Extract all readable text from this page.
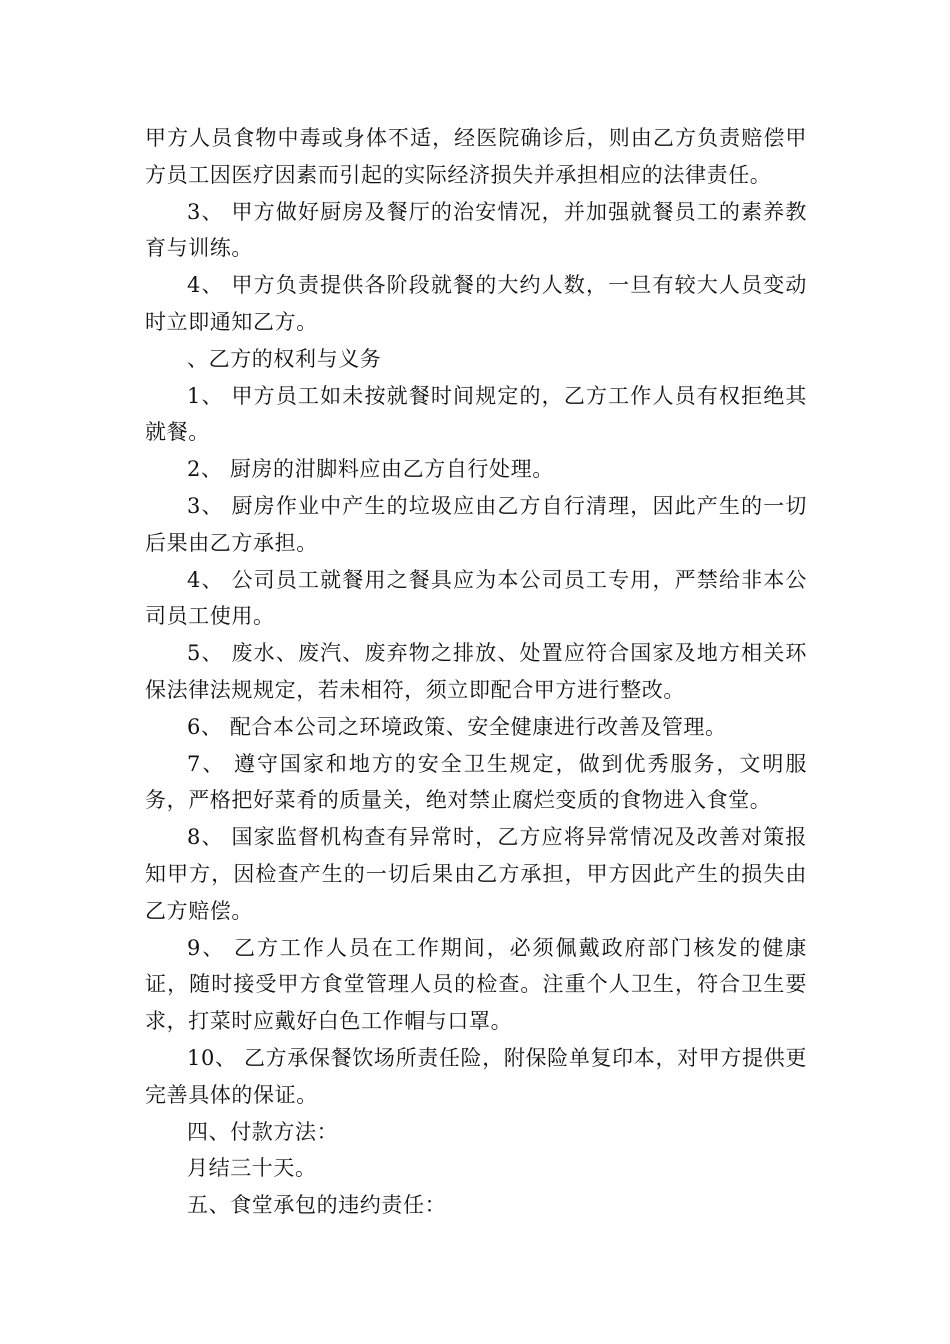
甲方人员食物中毒或身体不适，经医院确诊后，则由乙方负责赔偿甲方员工因医疗因素而引起的实际经济损失并承担相应的法律责任。

3、 甲方做好厨房及餐厅的治安情况，并加强就餐员工的素养教育与训练。

4、 甲方负责提供各阶段就餐的大约人数，一旦有较大人员变动时立即通知乙方。

、乙方的权利与义务

1、 甲方员工如未按就餐时间规定的，乙方工作人员有权拒绝其就餐。

2、 厨房的泔脚料应由乙方自行处理。

3、 厨房作业中产生的垃圾应由乙方自行清理，因此产生的一切后果由乙方承担。

4、 公司员工就餐用之餐具应为本公司员工专用，严禁给非本公司员工使用。

5、 废水、废汽、废弃物之排放、处置应符合国家及地方相关环保法律法规规定，若未相符，须立即配合甲方进行整改。

6、 配合本公司之环境政策、安全健康进行改善及管理。

7、 遵守国家和地方的安全卫生规定，做到优秀服务，文明服务，严格把好菜肴的质量关，绝对禁止腐烂变质的食物进入食堂。

8、 国家监督机构查有异常时，乙方应将异常情况及改善对策报知甲方，因检查产生的一切后果由乙方承担，甲方因此产生的损失由乙方赔偿。

9、 乙方工作人员在工作期间，必须佩戴政府部门核发的健康证，随时接受甲方食堂管理人员的检查。注重个人卫生，符合卫生要求，打菜时应戴好白色工作帽与口罩。

10、 乙方承保餐饮场所责任险，附保险单复印本，对甲方提供更完善具体的保证。

四、付款方法：

月结三十天。

五、食堂承包的违约责任：
